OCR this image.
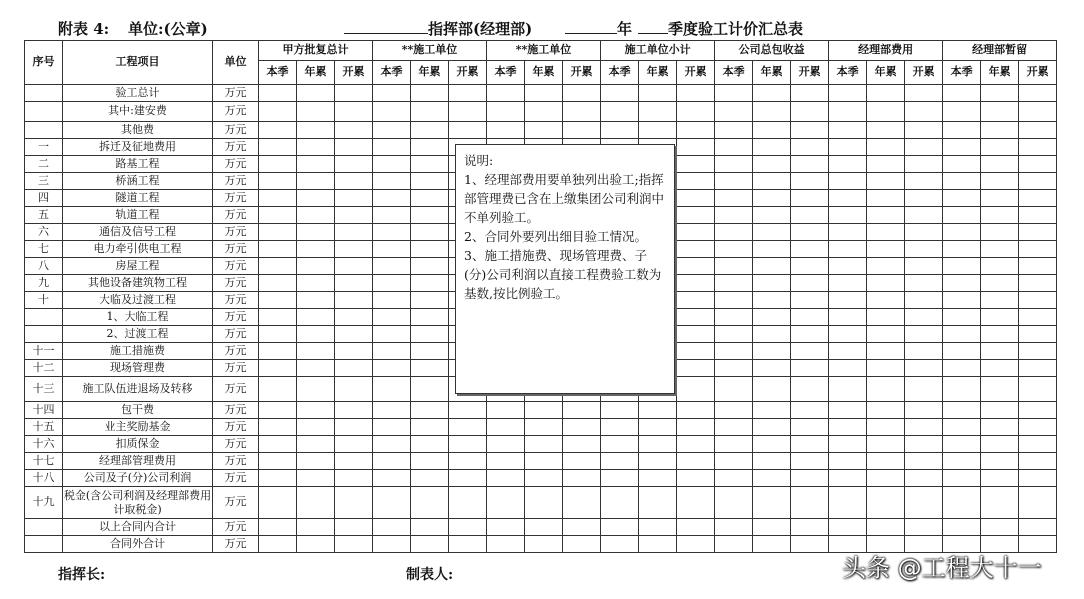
附表 4: 单位:(公章)	指挥部(经理部)	年 季度验工计价汇总表
序号	工程项目	单位	甲方批复总计			**施工单位			**施工单位			施工单位小计			公司总包收益			经理部费用			经理部暂留		
			本季	年累	开累	本季	年累	开累	本季	年累	开累	本季	年累	开累	本季	年累	开累	本季	年累	开累	本季	年累	开累
	验工总计	万元																					
	其中:建安费	万元																					
	其他费	万元																					
一	拆迁及征地费用	万元																					
二	路基工程	万元																					
三	桥涵工程	万元																					
四	隧道工程	万元																					
五	轨道工程	万元																					
六	通信及信号工程	万元																					
七	电力牵引供电工程	万元																					
八	房屋工程	万元																					
九	其他设备建筑物工程	万元																					
十	大临及过渡工程	万元																					
	1、大临工程	万元																					
	2、过渡工程	万元																					
十一	施工措施费	万元																					
十二	现场管理费	万元																					
十三	施工队伍进退场及转移	万元																					
十四	包干费	万元																					
十五	业主奖励基金	万元																					
十六	扣质保金	万元																					
十七	经理部管理费用	万元																					
十八	公司及子(分)公司利润	万元																					
十九	税金(含公司利润及经理部费用计取税金)	万元																					
	以上合同内合计	万元																					
	合同外合计	万元																					

说明:

1、经理部费用要单独列出验工;指挥部管理费已含在上缴集团公司利润中不单列验工。

2、合同外要列出细目验工情况。

3、施工措施费、现场管理费、子(分)公司利润以直接工程费验工数为基数,按比例验工。

指挥长:	制表人:	头条 @工程大十一
